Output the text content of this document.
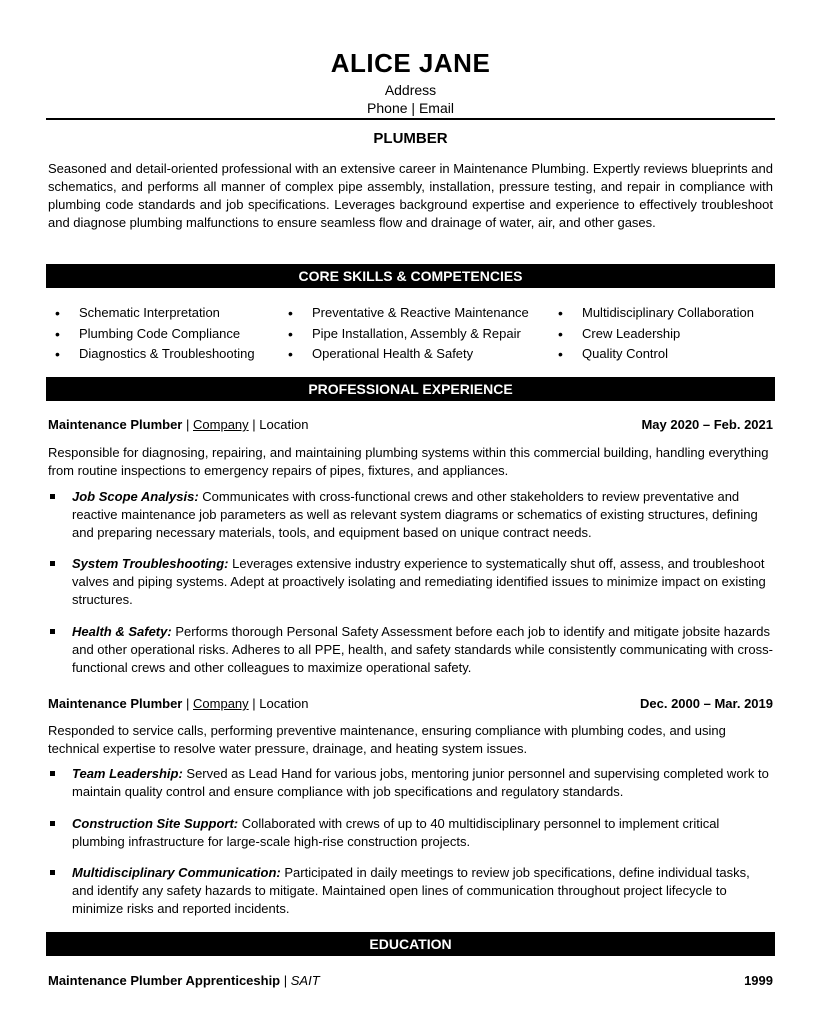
ALICE JANE
Address
Phone | Email
PLUMBER
Seasoned and detail-oriented professional with an extensive career in Maintenance Plumbing. Expertly reviews blueprints and schematics, and performs all manner of complex pipe assembly, installation, pressure testing, and repair in compliance with plumbing code standards and job specifications. Leverages background expertise and experience to effectively troubleshoot and diagnose plumbing malfunctions to ensure seamless flow and drainage of water, air, and other gases.
CORE SKILLS & COMPETENCIES
• Schematic Interpretation
• Plumbing Code Compliance
• Diagnostics & Troubleshooting
• Preventative & Reactive Maintenance
• Pipe Installation, Assembly & Repair
• Operational Health & Safety
• Multidisciplinary Collaboration
• Crew Leadership
• Quality Control
PROFESSIONAL EXPERIENCE
Maintenance Plumber | Company | Location	May 2020 – Feb. 2021
Responsible for diagnosing, repairing, and maintaining plumbing systems within this commercial building, handling everything from routine inspections to emergency repairs of pipes, fixtures, and appliances.
Job Scope Analysis: Communicates with cross-functional crews and other stakeholders to review preventative and reactive maintenance job parameters as well as relevant system diagrams or schematics of existing structures, defining and preparing necessary materials, tools, and equipment based on unique contract needs.
System Troubleshooting: Leverages extensive industry experience to systematically shut off, assess, and troubleshoot valves and piping systems. Adept at proactively isolating and remediating identified issues to minimize impact on existing structures.
Health & Safety: Performs thorough Personal Safety Assessment before each job to identify and mitigate jobsite hazards and other operational risks. Adheres to all PPE, health, and safety standards while consistently communicating with cross-functional crews and other colleagues to maximize operational safety.
Maintenance Plumber | Company | Location	Dec. 2000 – Mar. 2019
Responded to service calls, performing preventive maintenance, ensuring compliance with plumbing codes, and using technical expertise to resolve water pressure, drainage, and heating system issues.
Team Leadership: Served as Lead Hand for various jobs, mentoring junior personnel and supervising completed work to maintain quality control and ensure compliance with job specifications and regulatory standards.
Construction Site Support: Collaborated with crews of up to 40 multidisciplinary personnel to implement critical plumbing infrastructure for large-scale high-rise construction projects.
Multidisciplinary Communication: Participated in daily meetings to review job specifications, define individual tasks, and identify any safety hazards to mitigate. Maintained open lines of communication throughout project lifecycle to minimize risks and reported incidents.
EDUCATION
Maintenance Plumber Apprenticeship | SAIT	1999
